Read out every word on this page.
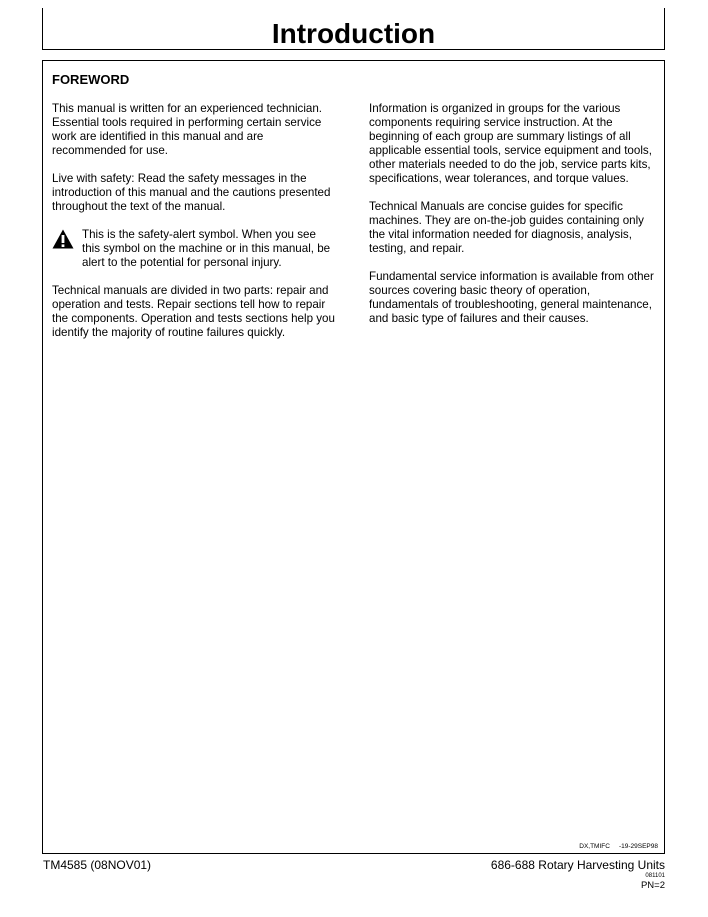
Introduction
FOREWORD

This manual is written for an experienced technician. Essential tools required in performing certain service work are identified in this manual and are recommended for use.

Live with safety: Read the safety messages in the introduction of this manual and the cautions presented throughout the text of the manual.

This is the safety-alert symbol. When you see this symbol on the machine or in this manual, be alert to the potential for personal injury.

Technical manuals are divided in two parts: repair and operation and tests. Repair sections tell how to repair the components. Operation and tests sections help you identify the majority of routine failures quickly.

Information is organized in groups for the various components requiring service instruction. At the beginning of each group are summary listings of all applicable essential tools, service equipment and tools, other materials needed to do the job, service parts kits, specifications, wear tolerances, and torque values.

Technical Manuals are concise guides for specific machines. They are on-the-job guides containing only the vital information needed for diagnosis, analysis, testing, and repair.

Fundamental service information is available from other sources covering basic theory of operation, fundamentals of troubleshooting, general maintenance, and basic type of failures and their causes.

DX,TMIFC     -19-29SEP98
TM4585 (08NOV01)	686-688 Rotary Harvesting Units
081101
PN=2
